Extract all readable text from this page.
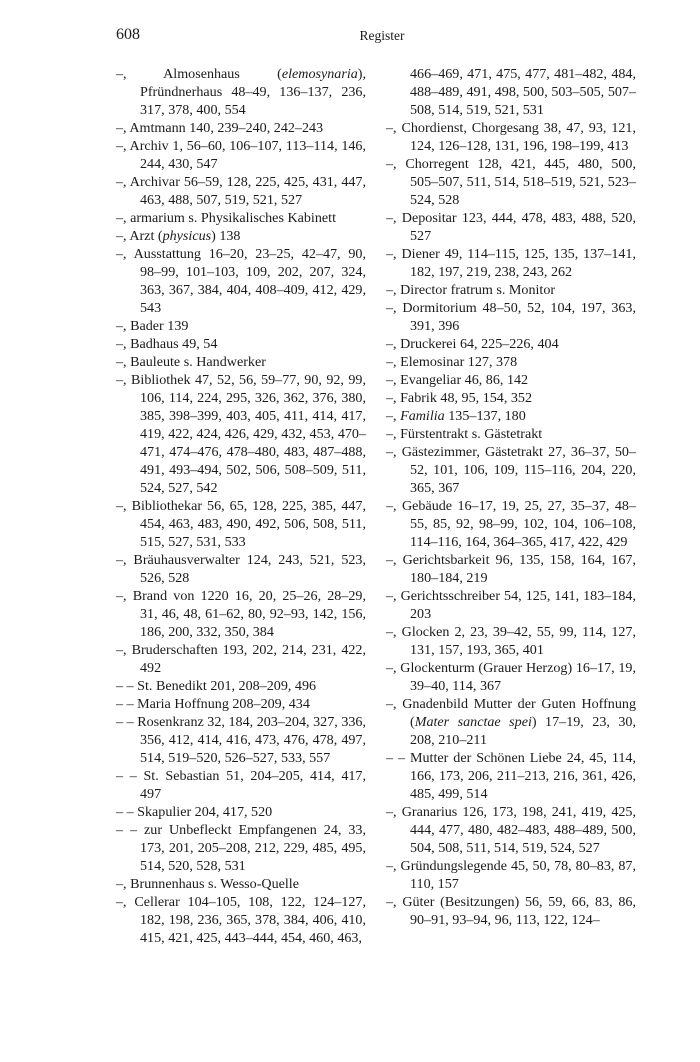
608	Register
–, Almosenhaus (elemosynaria), Pfründnerhaus 48–49, 136–137, 236, 317, 378, 400, 554
–, Amtmann 140, 239–240, 242–243
–, Archiv 1, 56–60, 106–107, 113–114, 146, 244, 430, 547
–, Archivar 56–59, 128, 225, 425, 431, 447, 463, 488, 507, 519, 521, 527
–, armarium s. Physikalisches Kabinett
–, Arzt (physicus) 138
–, Ausstattung 16–20, 23–25, 42–47, 90, 98–99, 101–103, 109, 202, 207, 324, 363, 367, 384, 404, 408–409, 412, 429, 543
–, Bader 139
–, Badhaus 49, 54
–, Bauleute s. Handwerker
–, Bibliothek 47, 52, 56, 59–77, 90, 92, 99, 106, 114, 224, 295, 326, 362, 376, 380, 385, 398–399, 403, 405, 411, 414, 417, 419, 422, 424, 426, 429, 432, 453, 470–471, 474–476, 478–480, 483, 487–488, 491, 493–494, 502, 506, 508–509, 511, 524, 527, 542
–, Bibliothekar 56, 65, 128, 225, 385, 447, 454, 463, 483, 490, 492, 506, 508, 511, 515, 527, 531, 533
–, Bräuhausverwalter 124, 243, 521, 523, 526, 528
–, Brand von 1220 16, 20, 25–26, 28–29, 31, 46, 48, 61–62, 80, 92–93, 142, 156, 186, 200, 332, 350, 384
–, Bruderschaften 193, 202, 214, 231, 422, 492
– – St. Benedikt 201, 208–209, 496
– – Maria Hoffnung 208–209, 434
– – Rosenkranz 32, 184, 203–204, 327, 336, 356, 412, 414, 416, 473, 476, 478, 497, 514, 519–520, 526–527, 533, 557
– – St. Sebastian 51, 204–205, 414, 417, 497
– – Skapulier 204, 417, 520
– – zur Unbefleckt Empfangenen 24, 33, 173, 201, 205–208, 212, 229, 485, 495, 514, 520, 528, 531
–, Brunnenhaus s. Wesso-Quelle
–, Cellerar 104–105, 108, 122, 124–127, 182, 198, 236, 365, 378, 384, 406, 410, 415, 421, 425, 443–444, 454, 460, 463,
466–469, 471, 475, 477, 481–482, 484, 488–489, 491, 498, 500, 503–505, 507–508, 514, 519, 521, 531
–, Chordienst, Chorgesang 38, 47, 93, 121, 124, 126–128, 131, 196, 198–199, 413
–, Chorregent 128, 421, 445, 480, 500, 505–507, 511, 514, 518–519, 521, 523–524, 528
–, Depositar 123, 444, 478, 483, 488, 520, 527
–, Diener 49, 114–115, 125, 135, 137–141, 182, 197, 219, 238, 243, 262
–, Director fratrum s. Monitor
–, Dormitorium 48–50, 52, 104, 197, 363, 391, 396
–, Druckerei 64, 225–226, 404
–, Elemosinar 127, 378
–, Evangeliar 46, 86, 142
–, Fabrik 48, 95, 154, 352
–, Familia 135–137, 180
–, Fürstentrakt s. Gästetrakt
–, Gästezimmer, Gästetrakt 27, 36–37, 50–52, 101, 106, 109, 115–116, 204, 220, 365, 367
–, Gebäude 16–17, 19, 25, 27, 35–37, 48–55, 85, 92, 98–99, 102, 104, 106–108, 114–116, 164, 364–365, 417, 422, 429
–, Gerichtsbarkeit 96, 135, 158, 164, 167, 180–184, 219
–, Gerichtsschreiber 54, 125, 141, 183–184, 203
–, Glocken 2, 23, 39–42, 55, 99, 114, 127, 131, 157, 193, 365, 401
–, Glockenturm (Grauer Herzog) 16–17, 19, 39–40, 114, 367
–, Gnadenbild Mutter der Guten Hoffnung (Mater sanctae spei) 17–19, 23, 30, 208, 210–211
– – Mutter der Schönen Liebe 24, 45, 114, 166, 173, 206, 211–213, 216, 361, 426, 485, 499, 514
–, Granarius 126, 173, 198, 241, 419, 425, 444, 477, 480, 482–483, 488–489, 500, 504, 508, 511, 514, 519, 524, 527
–, Gründungslegende 45, 50, 78, 80–83, 87, 110, 157
–, Güter (Besitzungen) 56, 59, 66, 83, 86, 90–91, 93–94, 96, 113, 122, 124–
